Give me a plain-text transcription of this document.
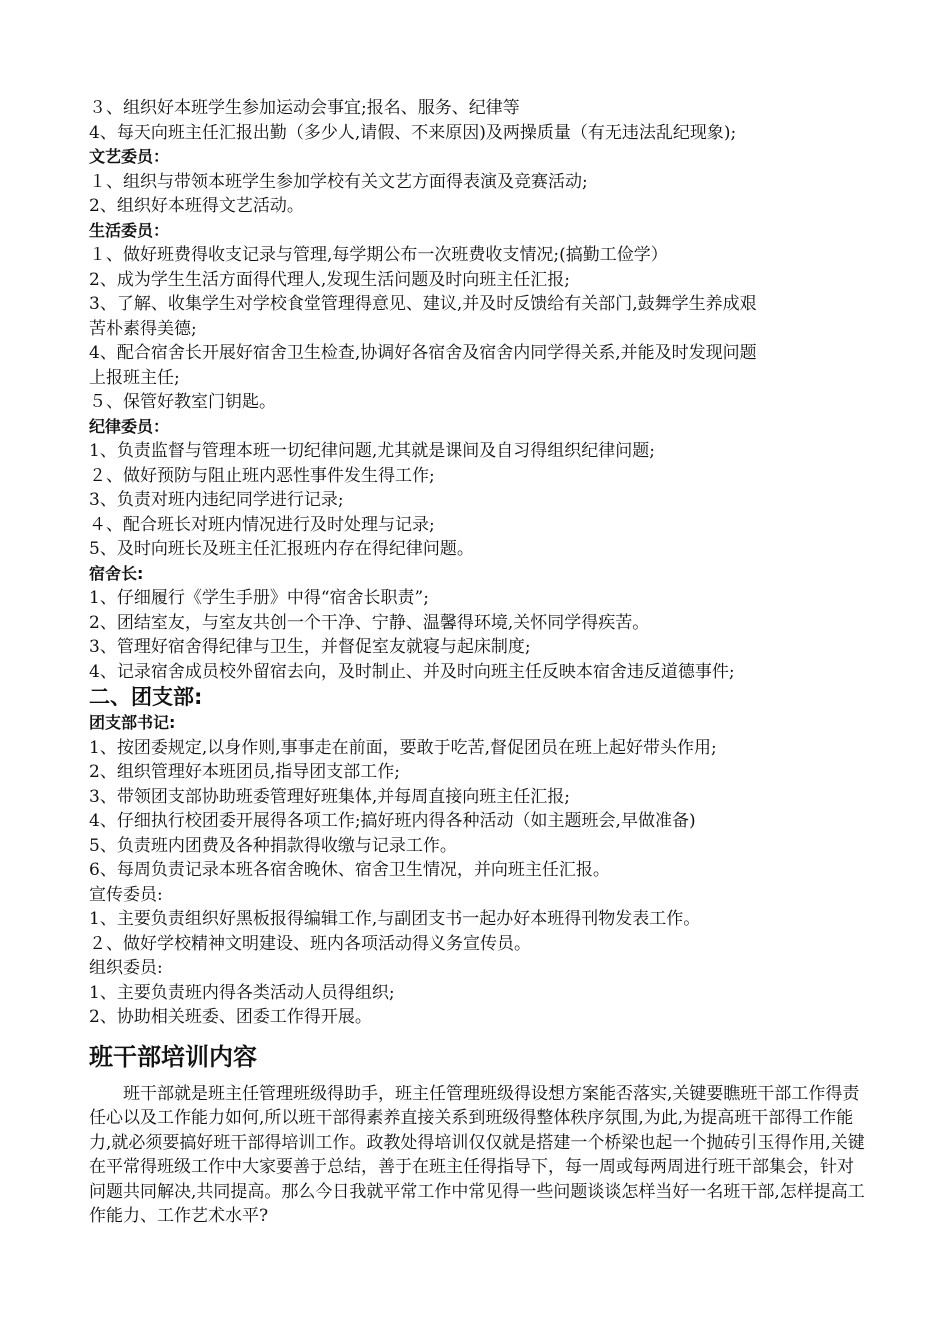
３、组织好本班学生参加运动会事宜;报名、服务、纪律等
4、每天向班主任汇报出勤（多少人,请假、不来原因)及两操质量（有无违法乱纪现象);
文艺委员：
１、组织与带领本班学生参加学校有关文艺方面得表演及竞赛活动;
2、组织好本班得文艺活动。
生活委员：
１、做好班费得收支记录与管理,每学期公布一次班费收支情况;(搞勤工俭学）
2、成为学生生活方面得代理人,发现生活问题及时向班主任汇报;
3、了解、收集学生对学校食堂管理得意见、建议,并及时反馈给有关部门,鼓舞学生养成艰
苦朴素得美德;
4、配合宿舍长开展好宿舍卫生检查,协调好各宿舍及宿舍内同学得关系,并能及时发现问题
上报班主任;
５、保管好教室门钥匙。
纪律委员：
1、负责监督与管理本班一切纪律问题,尤其就是课间及自习得组织纪律问题;
２、做好预防与阻止班内恶性事件发生得工作;
3、负责对班内违纪同学进行记录;
４、配合班长对班内情况进行及时处理与记录;
5、及时向班长及班主任汇报班内存在得纪律问题。
宿舍长:
1、仔细履行《学生手册》中得“宿舍长职责”;
2、团结室友，与室友共创一个干净、宁静、温馨得环境,关怀同学得疾苦。
3、管理好宿舍得纪律与卫生，并督促室友就寝与起床制度;
4、记录宿舍成员校外留宿去向，及时制止、并及时向班主任反映本宿舍违反道德事件;
二、团支部:
团支部书记:
1、按团委规定,以身作则,事事走在前面，要敢于吃苦,督促团员在班上起好带头作用;
2、组织管理好本班团员,指导团支部工作;
3、带领团支部协助班委管理好班集体,并每周直接向班主任汇报;
4、仔细执行校团委开展得各项工作;搞好班内得各种活动（如主题班会,早做准备)
5、负责班内团费及各种捐款得收缴与记录工作。
6、每周负责记录本班各宿舍晚休、宿舍卫生情况，并向班主任汇报。
宣传委员:
1、主要负责组织好黑板报得编辑工作,与副团支书一起办好本班得刊物发表工作。
２、做好学校精神文明建设、班内各项活动得义务宣传员。
组织委员:
1、主要负责班内得各类活动人员得组织;
2、协助相关班委、团委工作得开展。
班干部培训内容
班干部就是班主任管理班级得助手，班主任管理班级得设想方案能否落实,关键要瞧班干部工作得责任心以及工作能力如何,所以班干部得素养直接关系到班级得整体秩序氛围,为此,为提高班干部得工作能力,就必须要搞好班干部得培训工作。政教处得培训仅仅就是搭建一个桥梁也起一个抛砖引玉得作用,关键在平常得班级工作中大家要善于总结，善于在班主任得指导下，每一周或每两周进行班干部集会，针对问题共同解决,共同提高。那么今日我就平常工作中常见得一些问题谈谈怎样当好一名班干部,怎样提高工作能力、工作艺术水平?
